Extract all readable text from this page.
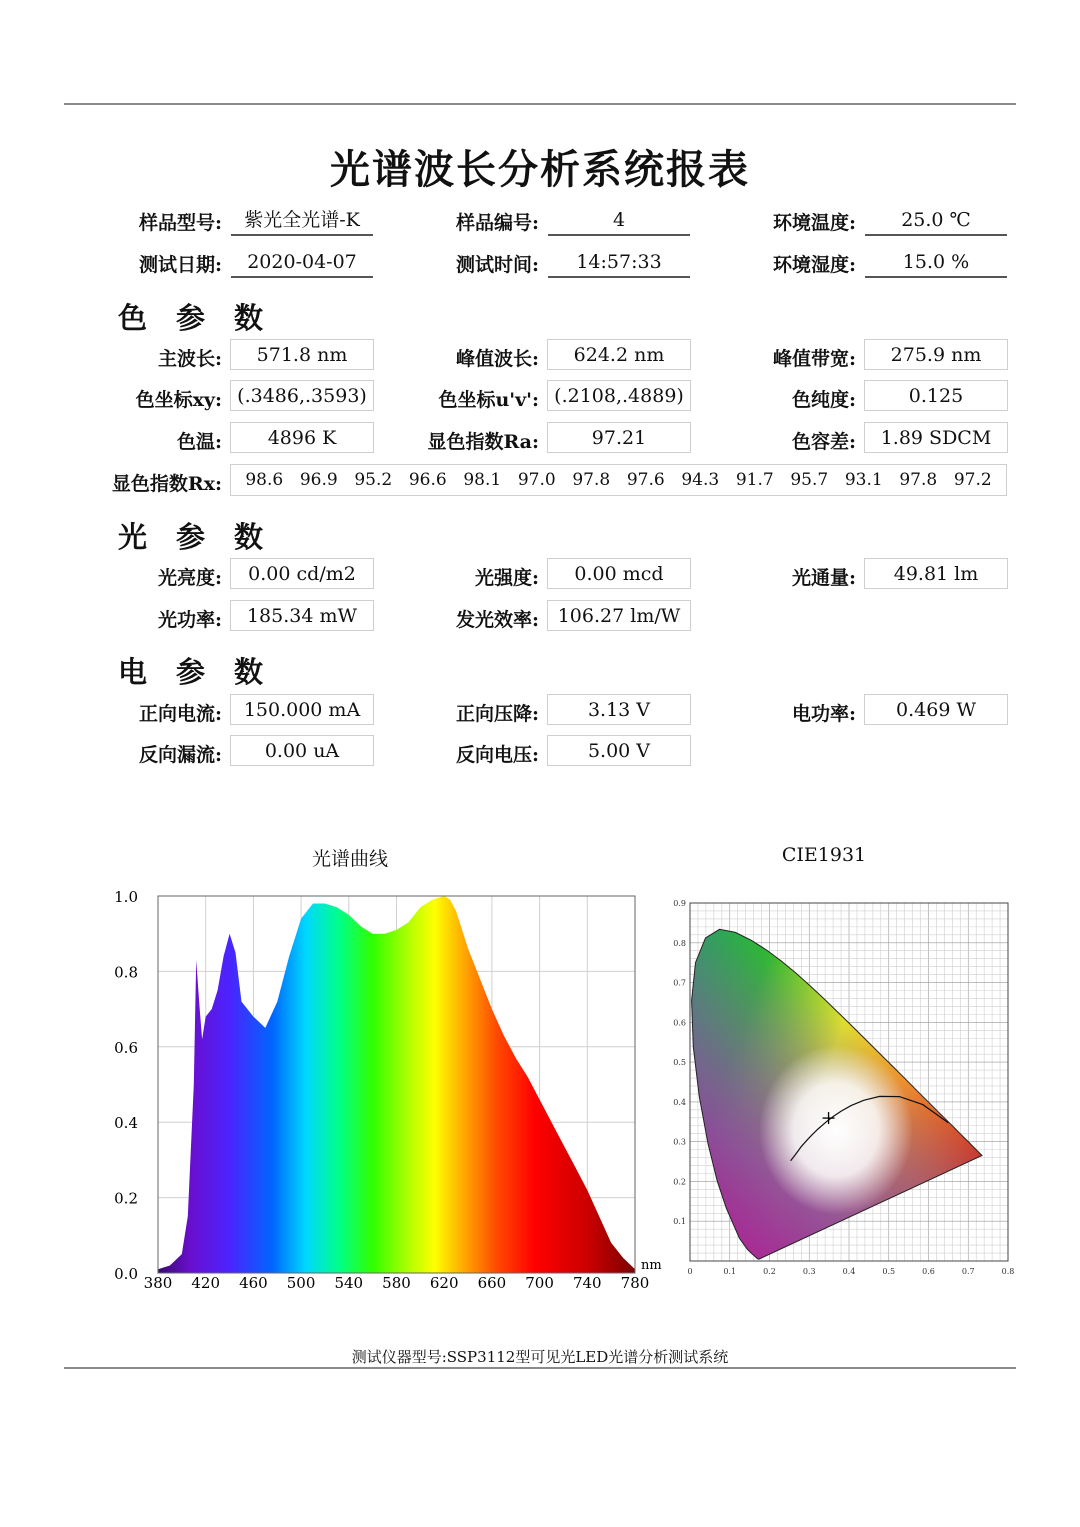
光谱波长分析系统报表
样品型号:	紫光全光谱-K	样品编号:	4	环境温度:	25.0 ℃
测试日期:	2020-04-07	测试时间:	14:57:33	环境湿度:	15.0 %
色 参 数
主波长:	571.8 nm	峰值波长:	624.2 nm	峰值带宽:	275.9 nm
色坐标xy: (.3486,.3593)	色坐标u'v': (.2108,.4889)	色纯度:	0.125
色温:	4896 K	显色指数Ra:	97.21	色容差:	1.89 SDCM
显色指数Rx: 98.6 96.9 95.2 96.6 98.1 97.0 97.8 97.6 94.3 91.7 95.7 93.1 97.8 97.2
光 参 数
光亮度:	0.00 cd/m2	光强度:	0.00 mcd	光通量:	49.81 lm
光功率:	185.34 mW	发光效率: 106.27 lm/W
电 参 数
正向电流:	150.000 mA	正向压降:	3.13 V	电功率:	0.469 W
反向漏流:	0.00 uA	反向电压:	5.00 V
光谱曲线	CIE1931
380 420 460 500 540 580 620 660 700 740 780
0.0
0.2
0.4
0.6
0.8
1.0
nm	0	0.1	0.2	0.3	0.4	0.5	0.6	0.7	0.8
0.1
0.2
0.3
0.4
0.5
0.6
0.7
0.8
0.9
测试仪器型号:SSP3112型可见光LED光谱分析测试系统
